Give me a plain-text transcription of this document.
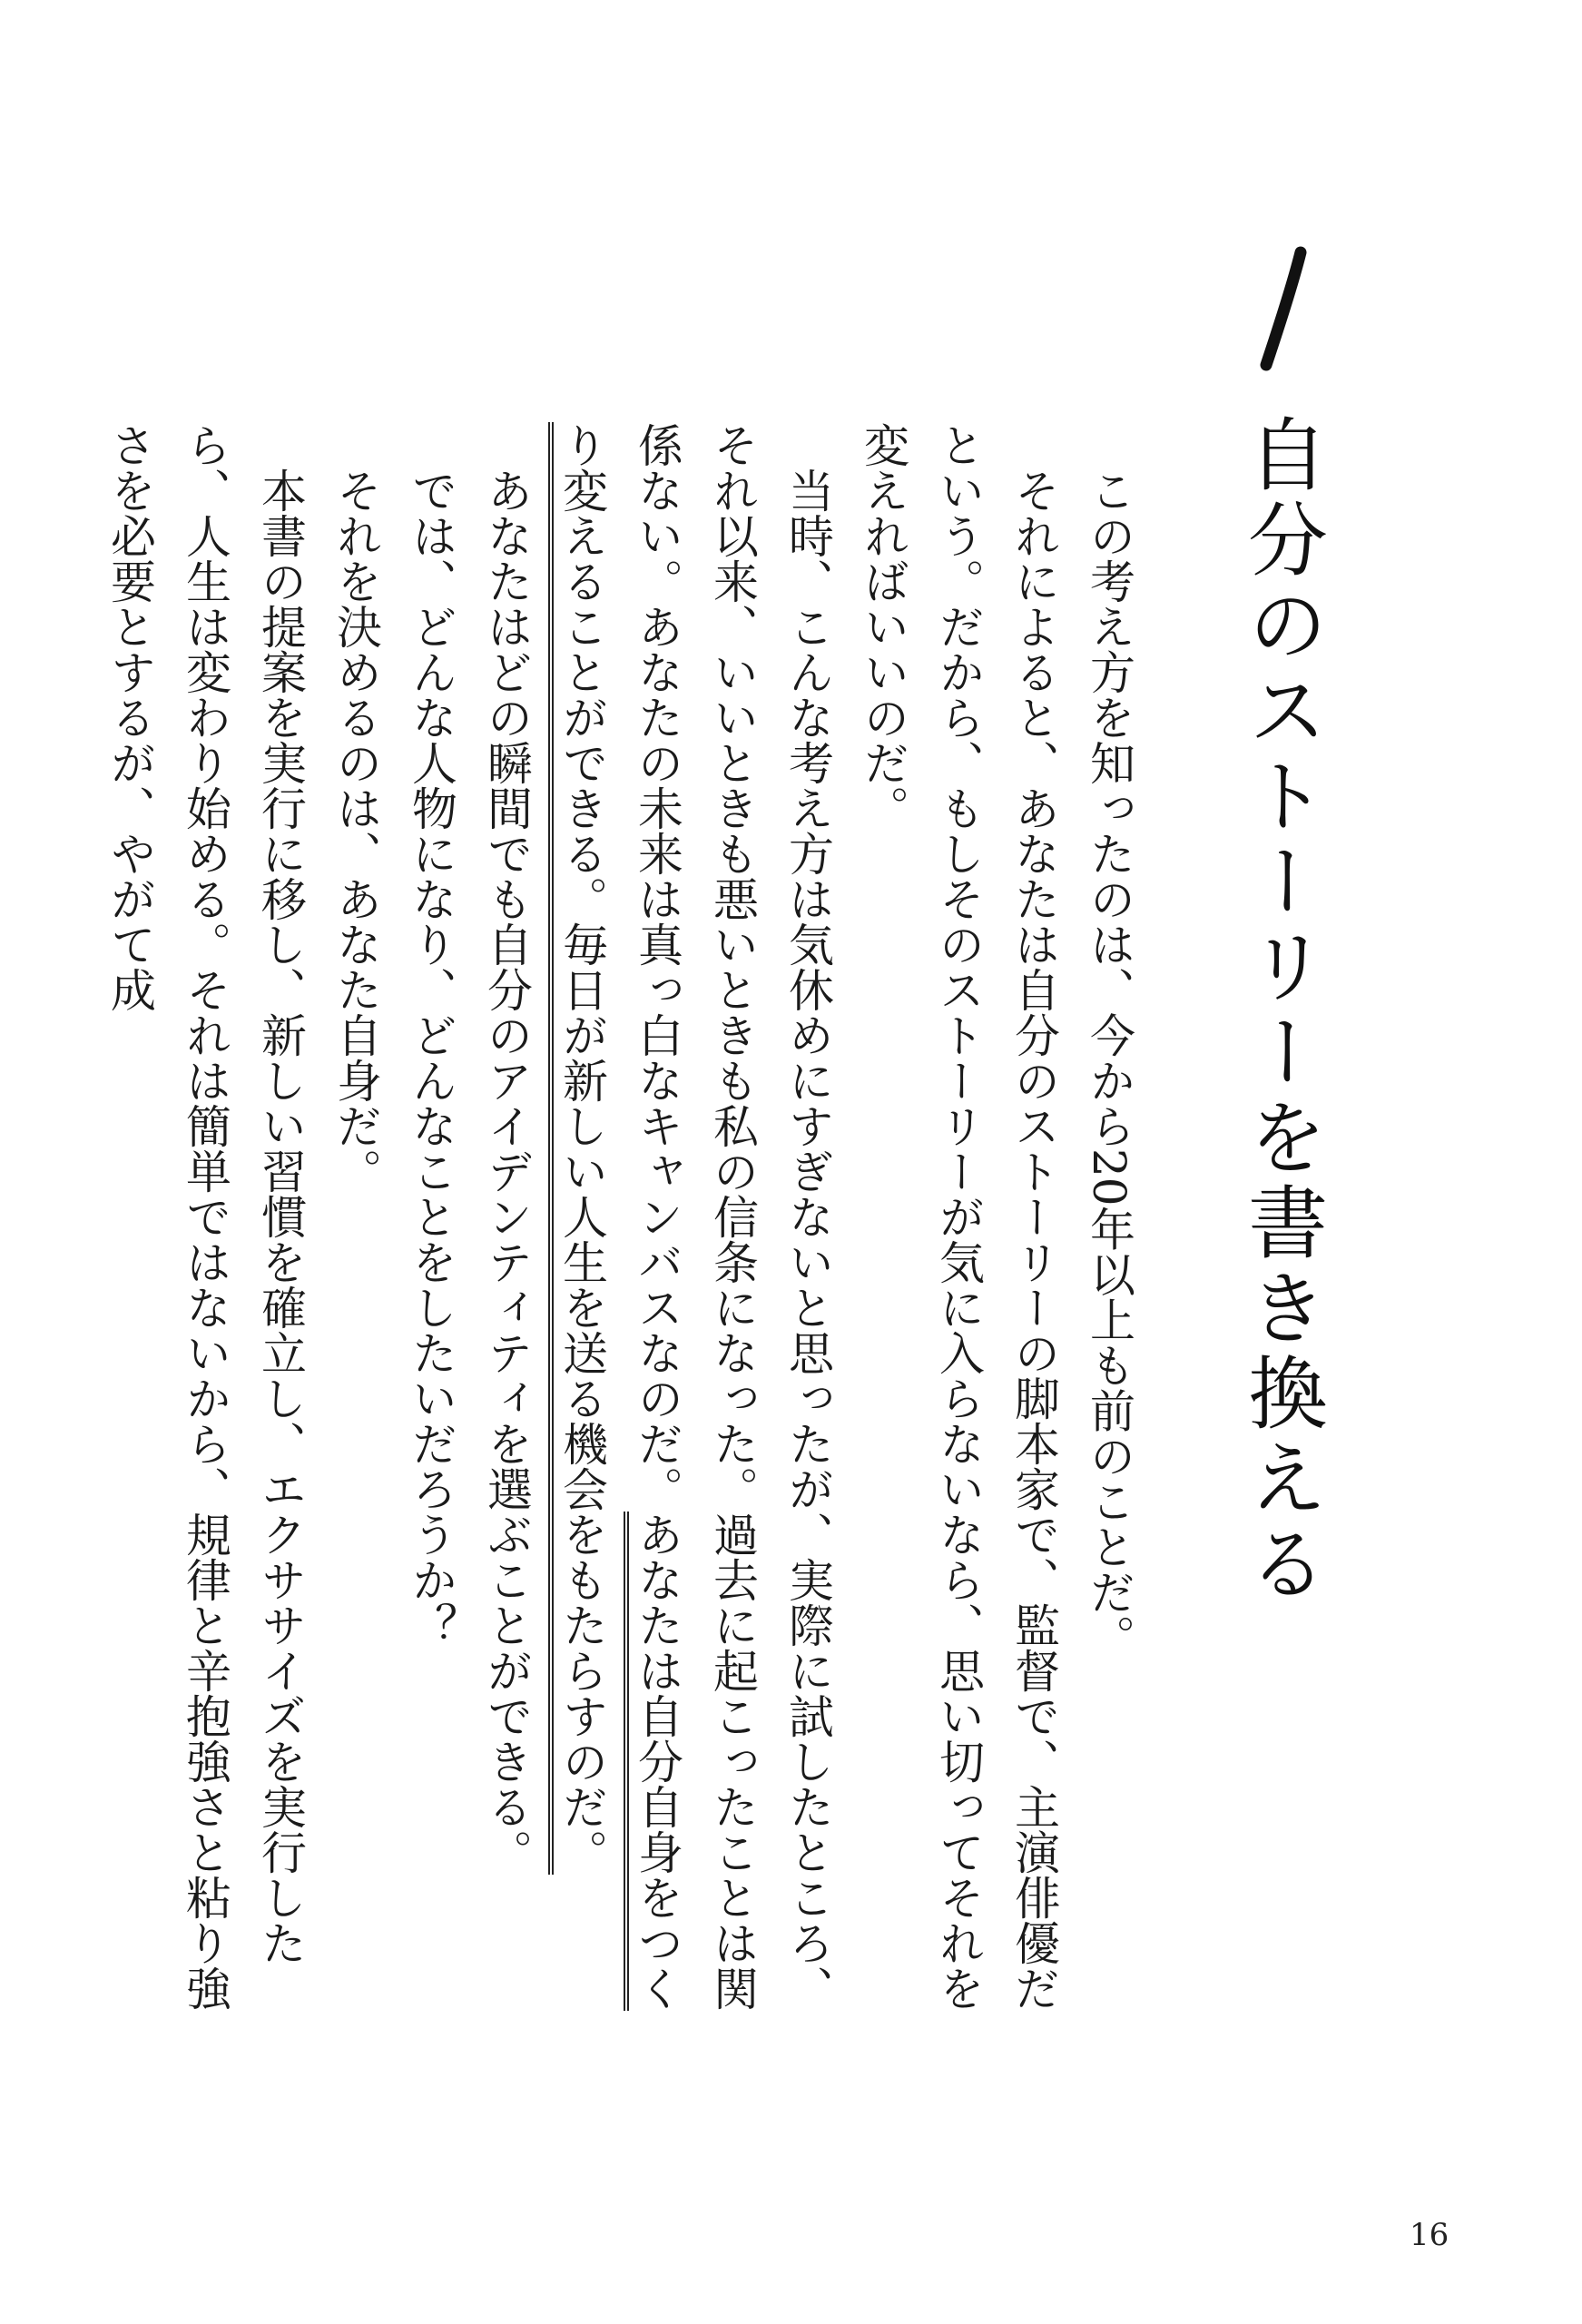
自分のストーリーを書き換える

この考え方を知ったのは、今から20年以上も前のことだ。

それによると、あなたは自分のストーリーの脚本家で、監督で、主演俳優だという。だから、もしそのストーリーが気に入らないなら、思い切ってそれを変えればいいのだ。

当時、こんな考え方は気休めにすぎないと思ったが、実際に試したところ、それ以来、いいときも悪いときも私の信条になった。過去に起こったことは関係ない。あなたの未来は真っ白なキャンバスなのだ。あなたは自分自身をつくり変えることができる。毎日が新しい人生を送る機会をもたらすのだ。

あなたはどの瞬間でも自分のアイデンティティを選ぶことができる。

では、どんな人物になり、どんなことをしたいだろうか？

それを決めるのは、あなた自身だ。

本書の提案を実行に移し、新しい習慣を確立し、エクササイズを実行したら、人生は変わり始める。それは簡単ではないから、規律と辛抱強さと粘り強さを必要とするが、やがて成

16
